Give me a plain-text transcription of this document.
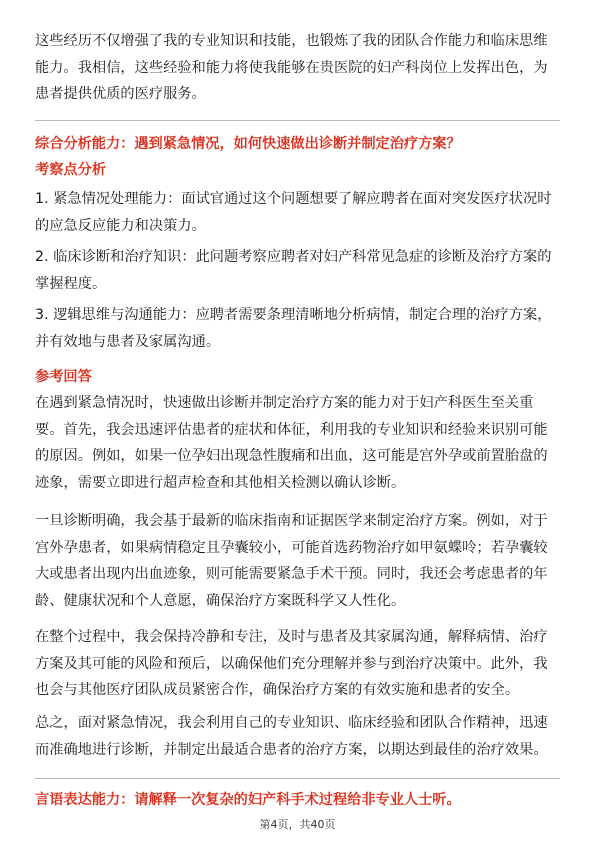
这些经历不仅增强了我的专业知识和技能，也锻炼了我的团队合作能力和临床思维能力。我相信，这些经验和能力将使我能够在贵医院的妇产科岗位上发挥出色，为患者提供优质的医疗服务。

综合分析能力：遇到紧急情况，如何快速做出诊断并制定治疗方案？

考察点分析

1. 紧急情况处理能力：面试官通过这个问题想要了解应聘者在面对突发医疗状况时的应急反应能力和决策力。

2. 临床诊断和治疗知识：此问题考察应聘者对妇产科常见急症的诊断及治疗方案的掌握程度。

3. 逻辑思维与沟通能力：应聘者需要条理清晰地分析病情，制定合理的治疗方案，并有效地与患者及家属沟通。

参考回答

在遇到紧急情况时，快速做出诊断并制定治疗方案的能力对于妇产科医生至关重要。首先，我会迅速评估患者的症状和体征，利用我的专业知识和经验来识别可能的原因。例如，如果一位孕妇出现急性腹痛和出血，这可能是宫外孕或前置胎盘的迹象，需要立即进行超声检查和其他相关检测以确认诊断。

一旦诊断明确，我会基于最新的临床指南和证据医学来制定治疗方案。例如，对于宫外孕患者，如果病情稳定且孕囊较小，可能首选药物治疗如甲氨蝶呤；若孕囊较大或患者出现内出血迹象，则可能需要紧急手术干预。同时，我还会考虑患者的年龄、健康状况和个人意愿，确保治疗方案既科学又人性化。

在整个过程中，我会保持冷静和专注，及时与患者及其家属沟通，解释病情、治疗方案及其可能的风险和预后，以确保他们充分理解并参与到治疗决策中。此外，我也会与其他医疗团队成员紧密合作，确保治疗方案的有效实施和患者的安全。

总之，面对紧急情况，我会利用自己的专业知识、临床经验和团队合作精神，迅速而准确地进行诊断，并制定出最适合患者的治疗方案，以期达到最佳的治疗效果。

言语表达能力：请解释一次复杂的妇产科手术过程给非专业人士听。

第4页，共40页
